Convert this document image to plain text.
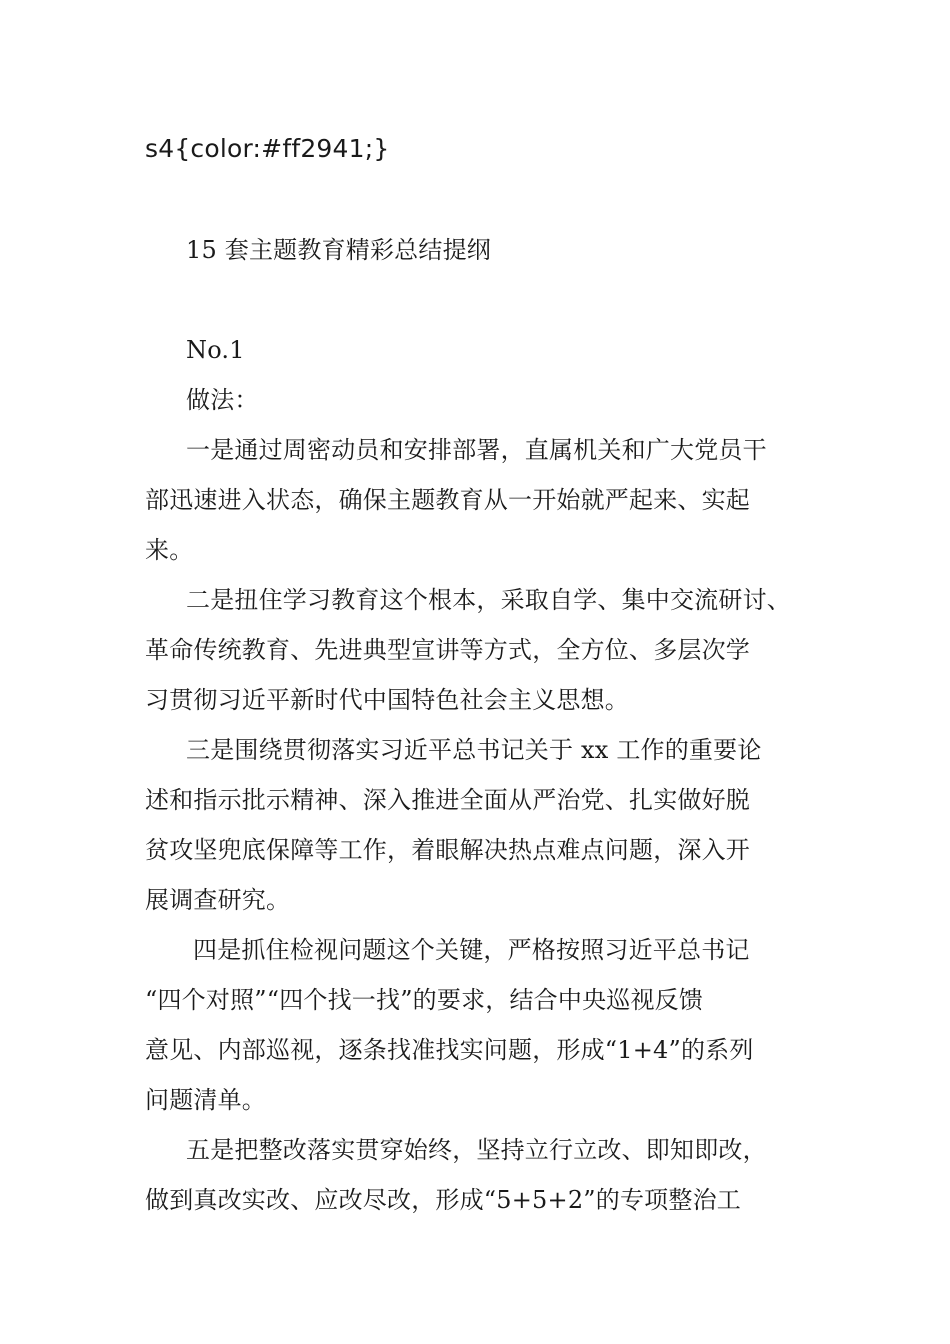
s4{color:#ff2941;}
15 套主题教育精彩总结提纲
No.1
做法：
一是通过周密动员和安排部署，直属机关和广大党员干
部迅速进入状态，确保主题教育从一开始就严起来、实起
来。
二是扭住学习教育这个根本，采取自学、集中交流研讨、
革命传统教育、先进典型宣讲等方式，全方位、多层次学
习贯彻习近平新时代中国特色社会主义思想。
三是围绕贯彻落实习近平总书记关于 xx 工作的重要论
述和指示批示精神、深入推进全面从严治党、扎实做好脱
贫攻坚兜底保障等工作，着眼解决热点难点问题，深入开
展调查研究。
四是抓住检视问题这个关键，严格按照习近平总书记
“四个对照”“四个找一找”的要求，结合中央巡视反馈
意见、内部巡视，逐条找准找实问题，形成“1+4”的系列
问题清单。
五是把整改落实贯穿始终，坚持立行立改、即知即改，
做到真改实改、应改尽改，形成“5+5+2”的专项整治工
